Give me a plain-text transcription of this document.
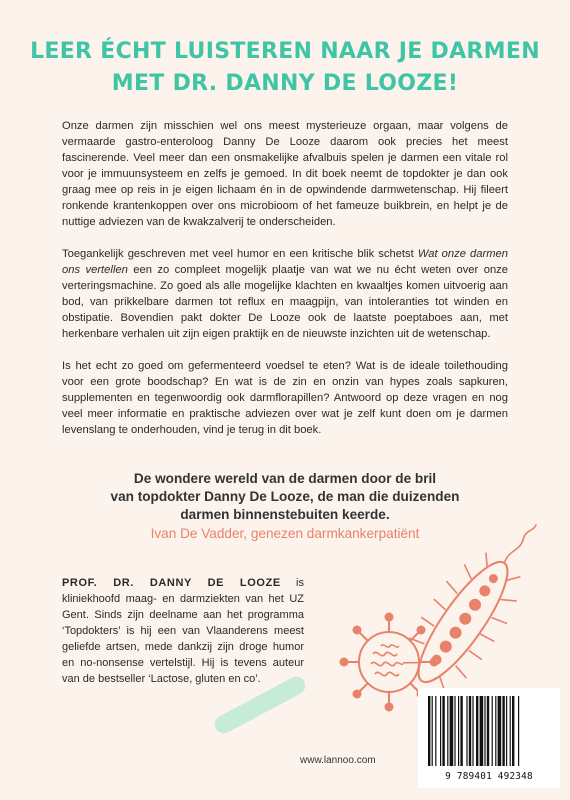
LEER ÉCHT LUISTEREN NAAR JE DARMEN
MET DR. DANNY DE LOOZE!

Onze darmen zijn misschien wel ons meest mysterieuze orgaan, maar volgens de vermaarde gastro-enteroloog Danny De Looze daarom ook precies het meest fascinerende. Veel meer dan een onsmakelijke afvalbuis spelen je darmen een vitale rol voor je immuunsysteem en zelfs je gemoed. In dit boek neemt de topdokter je dan ook graag mee op reis in je eigen lichaam én in de opwindende darmwetenschap. Hij fileert ronkende krantenkoppen over ons microbioom of het fameuze buikbrein, en helpt je de nuttige adviezen van de kwakzalverij te onderscheiden.

Toegankelijk geschreven met veel humor en een kritische blik schetst Wat onze darmen ons vertellen een zo compleet mogelijk plaatje van wat we nu écht weten over onze verteringsmachine. Zo goed als alle mogelijke klachten en kwaaltjes komen uitvoerig aan bod, van prikkelbare darmen tot reflux en maagpijn, van intoleranties tot winden en obstipatie. Bovendien pakt dokter De Looze ook de laatste poeptaboes aan, met herkenbare verhalen uit zijn eigen praktijk en de nieuwste inzichten uit de wetenschap.

Is het echt zo goed om gefermenteerd voedsel te eten? Wat is de ideale toilethouding voor een grote boodschap? En wat is de zin en onzin van hypes zoals sapkuren, supplementen en tegenwoordig ook darmflorapillen? Antwoord op deze vragen en nog veel meer informatie en praktische adviezen over wat je zelf kunt doen om je darmen levenslang te onderhouden, vind je terug in dit boek.

De wondere wereld van de darmen door de bril
van topdokter Danny De Looze, de man die duizenden
darmen binnenstebuiten keerde.

Ivan De Vadder, genezen darmkankerpatiënt

PROF. DR. DANNY DE LOOZE is kliniekhoofd maag- en darmziekten van het UZ Gent. Sinds zijn deelname aan het programma ‘Topdokters’ is hij een van Vlaanderens meest geliefde artsen, mede dankzij zijn droge humor en no-nonsense vertelstijl. Hij is tevens auteur van de bestseller ‘Lactose, gluten en co’.

www.lannoo.com
9 789401 492348
